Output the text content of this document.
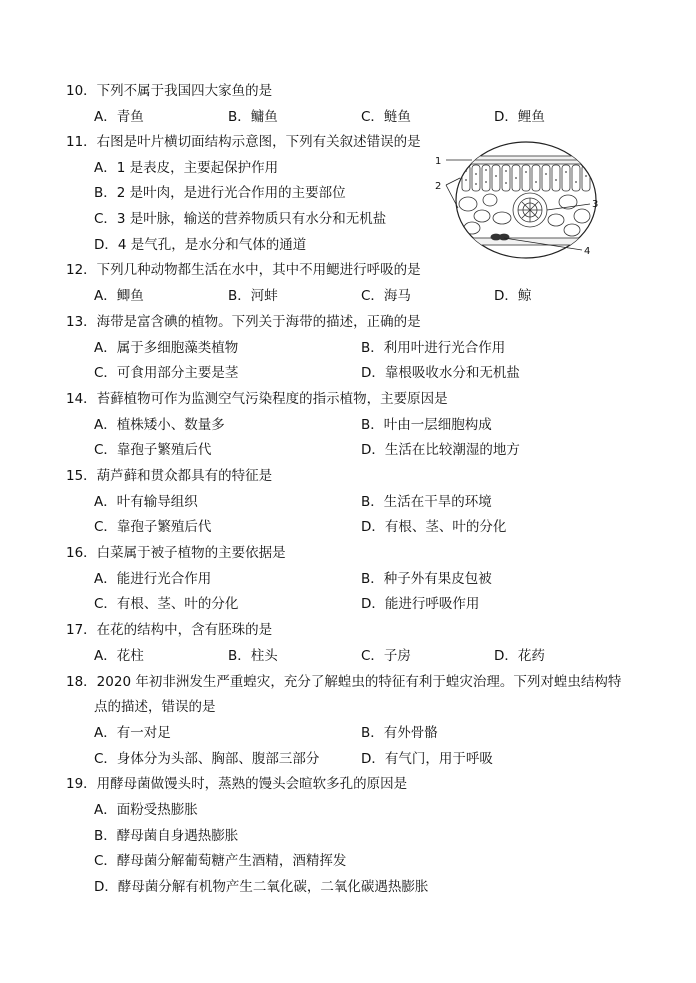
10．下列不属于我国四大家鱼的是
A．青鱼	B．鳙鱼	C．鲢鱼	D．鲤鱼
11．右图是叶片横切面结构示意图，下列有关叙述错误的是
A．1 是表皮，主要起保护作用
B．2 是叶肉，是进行光合作用的主要部位
C．3 是叶脉，输送的营养物质只有水分和无机盐
D．4 是气孔，是水分和气体的通道
1
2
3
4
12．下列几种动物都生活在水中，其中不用鳃进行呼吸的是
A．鲫鱼	B．河蚌	C．海马	D．鲸
13．海带是富含碘的植物。下列关于海带的描述，正确的是
A．属于多细胞藻类植物	B．利用叶进行光合作用
C．可食用部分主要是茎	D．靠根吸收水分和无机盐
14．苔藓植物可作为监测空气污染程度的指示植物，主要原因是
A．植株矮小、数量多	B．叶由一层细胞构成
C．靠孢子繁殖后代	D．生活在比较潮湿的地方
15．葫芦藓和贯众都具有的特征是
A．叶有输导组织	B．生活在干旱的环境
C．靠孢子繁殖后代	D．有根、茎、叶的分化
16．白菜属于被子植物的主要依据是
A．能进行光合作用	B．种子外有果皮包被
C．有根、茎、叶的分化	D．能进行呼吸作用
17．在花的结构中，含有胚珠的是
A．花柱	B．柱头	C．子房	D．花药
18．2020 年初非洲发生严重蝗灾，充分了解蝗虫的特征有利于蝗灾治理。下列对蝗虫结构特
点的描述，错误的是
A．有一对足	B．有外骨骼
C．身体分为头部、胸部、腹部三部分	D．有气门，用于呼吸
19．用酵母菌做馒头时，蒸熟的馒头会暄软多孔的原因是
A．面粉受热膨胀
B．酵母菌自身遇热膨胀
C．酵母菌分解葡萄糖产生酒精，酒精挥发
D．酵母菌分解有机物产生二氧化碳，二氧化碳遇热膨胀
